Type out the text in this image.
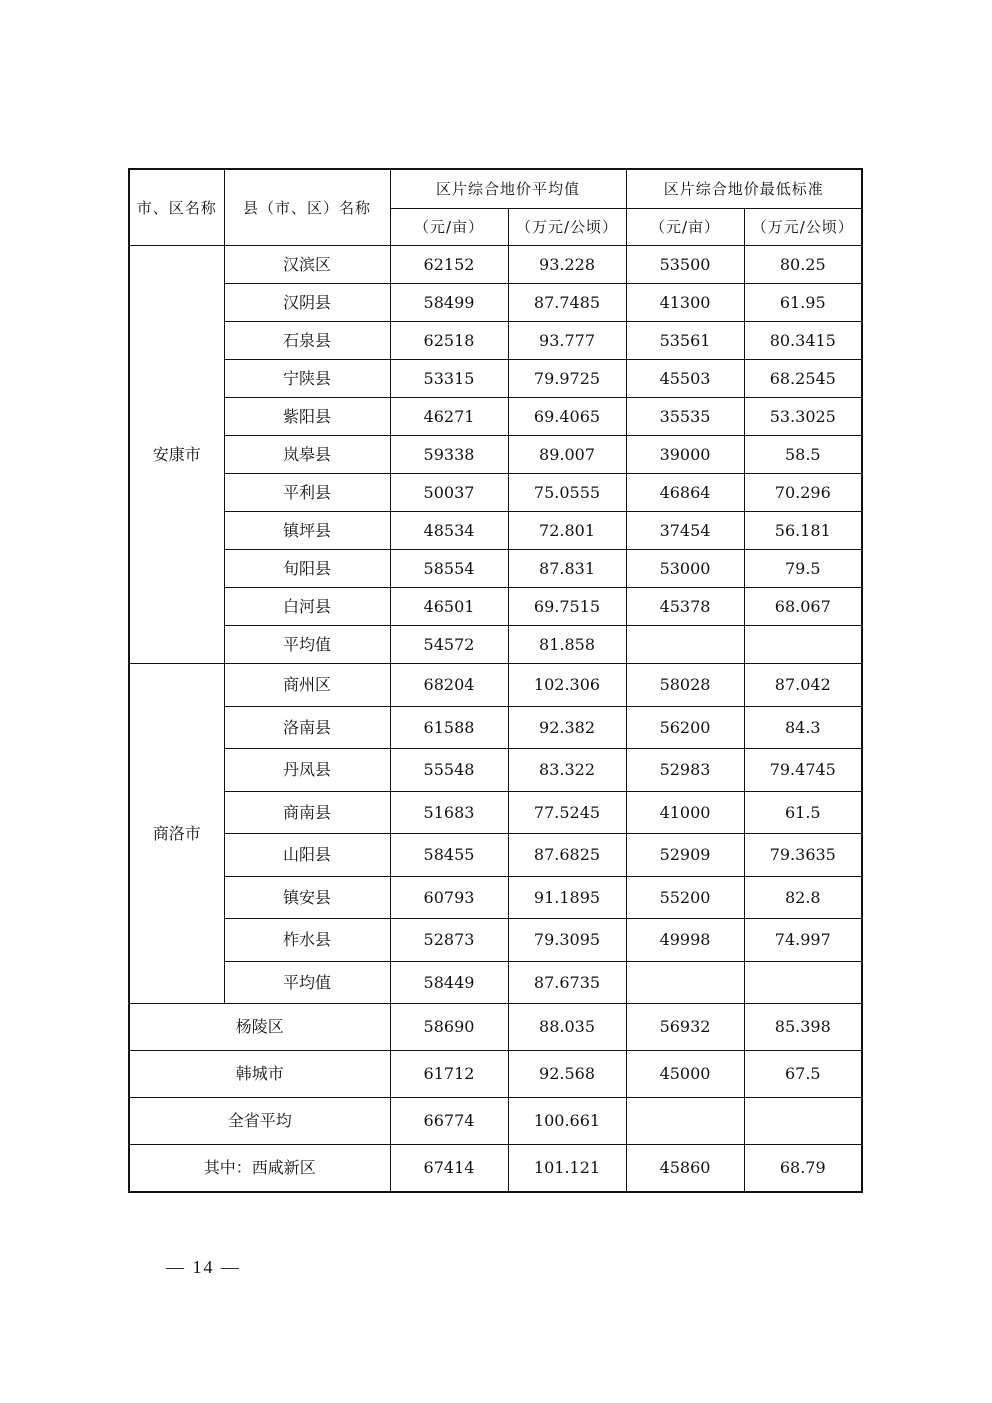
市、区名称	县（市、区）名称	区片综合地价平均值		区片综合地价最低标准	
		（元/亩）	（万元/公顷）	（元/亩）	（万元/公顷）
安康市	汉滨区	62152	93.228	53500	80.25
	汉阴县	58499	87.7485	41300	61.95
	石泉县	62518	93.777	53561	80.3415
	宁陕县	53315	79.9725	45503	68.2545
	紫阳县	46271	69.4065	35535	53.3025
	岚皋县	59338	89.007	39000	58.5
	平利县	50037	75.0555	46864	70.296
	镇坪县	48534	72.801	37454	56.181
	旬阳县	58554	87.831	53000	79.5
	白河县	46501	69.7515	45378	68.067
	平均值	54572	81.858		
商洛市	商州区	68204	102.306	58028	87.042
	洛南县	61588	92.382	56200	84.3
	丹凤县	55548	83.322	52983	79.4745
	商南县	51683	77.5245	41000	61.5
	山阳县	58455	87.6825	52909	79.3635
	镇安县	60793	91.1895	55200	82.8
	柞水县	52873	79.3095	49998	74.997
	平均值	58449	87.6735		
杨陵区		58690	88.035	56932	85.398
韩城市		61712	92.568	45000	67.5
全省平均		66774	100.661		
其中：西咸新区		67414	101.121	45860	68.79
— 14 —
